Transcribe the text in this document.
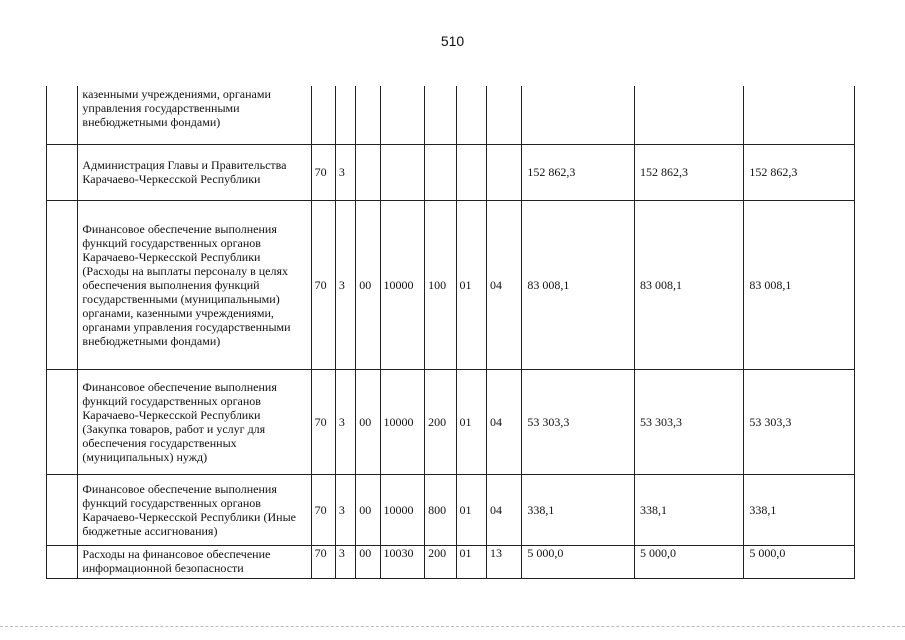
510
	казенными учреждениями, органами управления государственными внебюджетными фондами)										
	Администрация Главы и Правительства Карачаево-Черкесской Республики	70	3						152 862,3	152 862,3	152 862,3
	Финансовое обеспечение выполнения функций государственных органов Карачаево-Черкесской Республики (Расходы на выплаты персоналу в целях обеспечения выполнения функций государственными (муниципальными) органами, казенными учреждениями, органами управления государственными внебюджетными фондами)	70	3	00	10000	100	01	04	83 008,1	83 008,1	83 008,1
	Финансовое обеспечение выполнения функций государственных органов Карачаево-Черкесской Республики (Закупка товаров, работ и услуг для обеспечения государственных (муниципальных) нужд)	70	3	00	10000	200	01	04	53 303,3	53 303,3	53 303,3
	Финансовое обеспечение выполнения функций государственных органов Карачаево-Черкесской Республики (Иные бюджетные ассигнования)	70	3	00	10000	800	01	04	338,1	338,1	338,1
	Расходы на финансовое обеспечение информационной безопасности	70	3	00	10030	200	01	13	5 000,0	5 000,0	5 000,0
